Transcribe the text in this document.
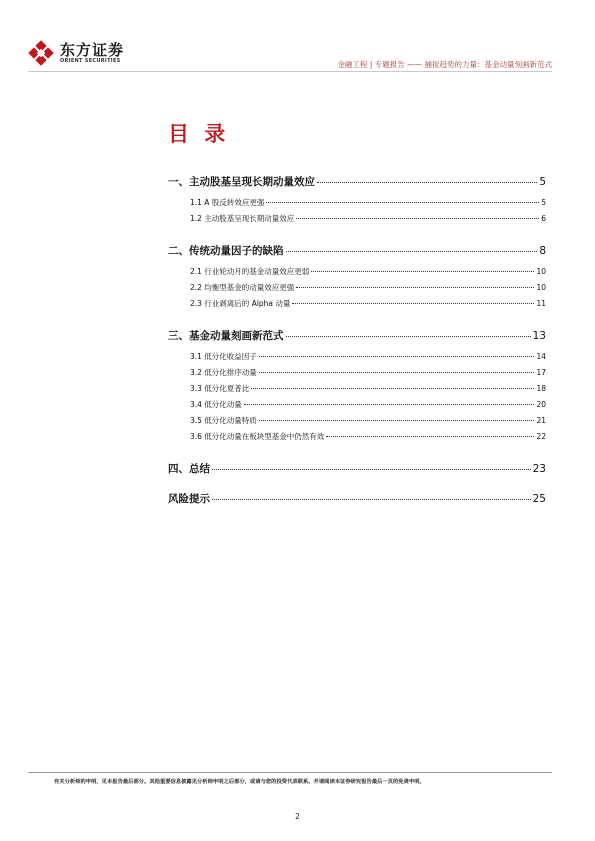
东方证劵
ORIENT SECURITIES	金融工程 | 专题报告 —— 捕捉趋势的力量：基金动量刻画新范式
目 录
一、主动股基呈现长期动量效应	5
1.1 A 股反转效应更强	5
1.2 主动股基呈现长期动量效应	6
二、传统动量因子的缺陷	8
2.1 行业轮动月的基金动量效应更弱	10
2.2 均衡型基金的动量效应更强	10
2.3 行业剥离后的 Alpha 动量	11
三、基金动量刻画新范式	13
3.1 低分化收益因子	14
3.2 低分化排序动量	17
3.3 低分化夏普比	18
3.4 低分化动量	20
3.5 低分化动量特质	21
3.6 低分化动量在板块型基金中仍然有效	22
四、总结	23
风险提示	25
有关分析师的申明，见本报告最后部分。其他重要信息披露见分析师申明之后部分，或请与您的投资代表联系。并请阅读本证券研究报告最后一页的免责申明。
2
